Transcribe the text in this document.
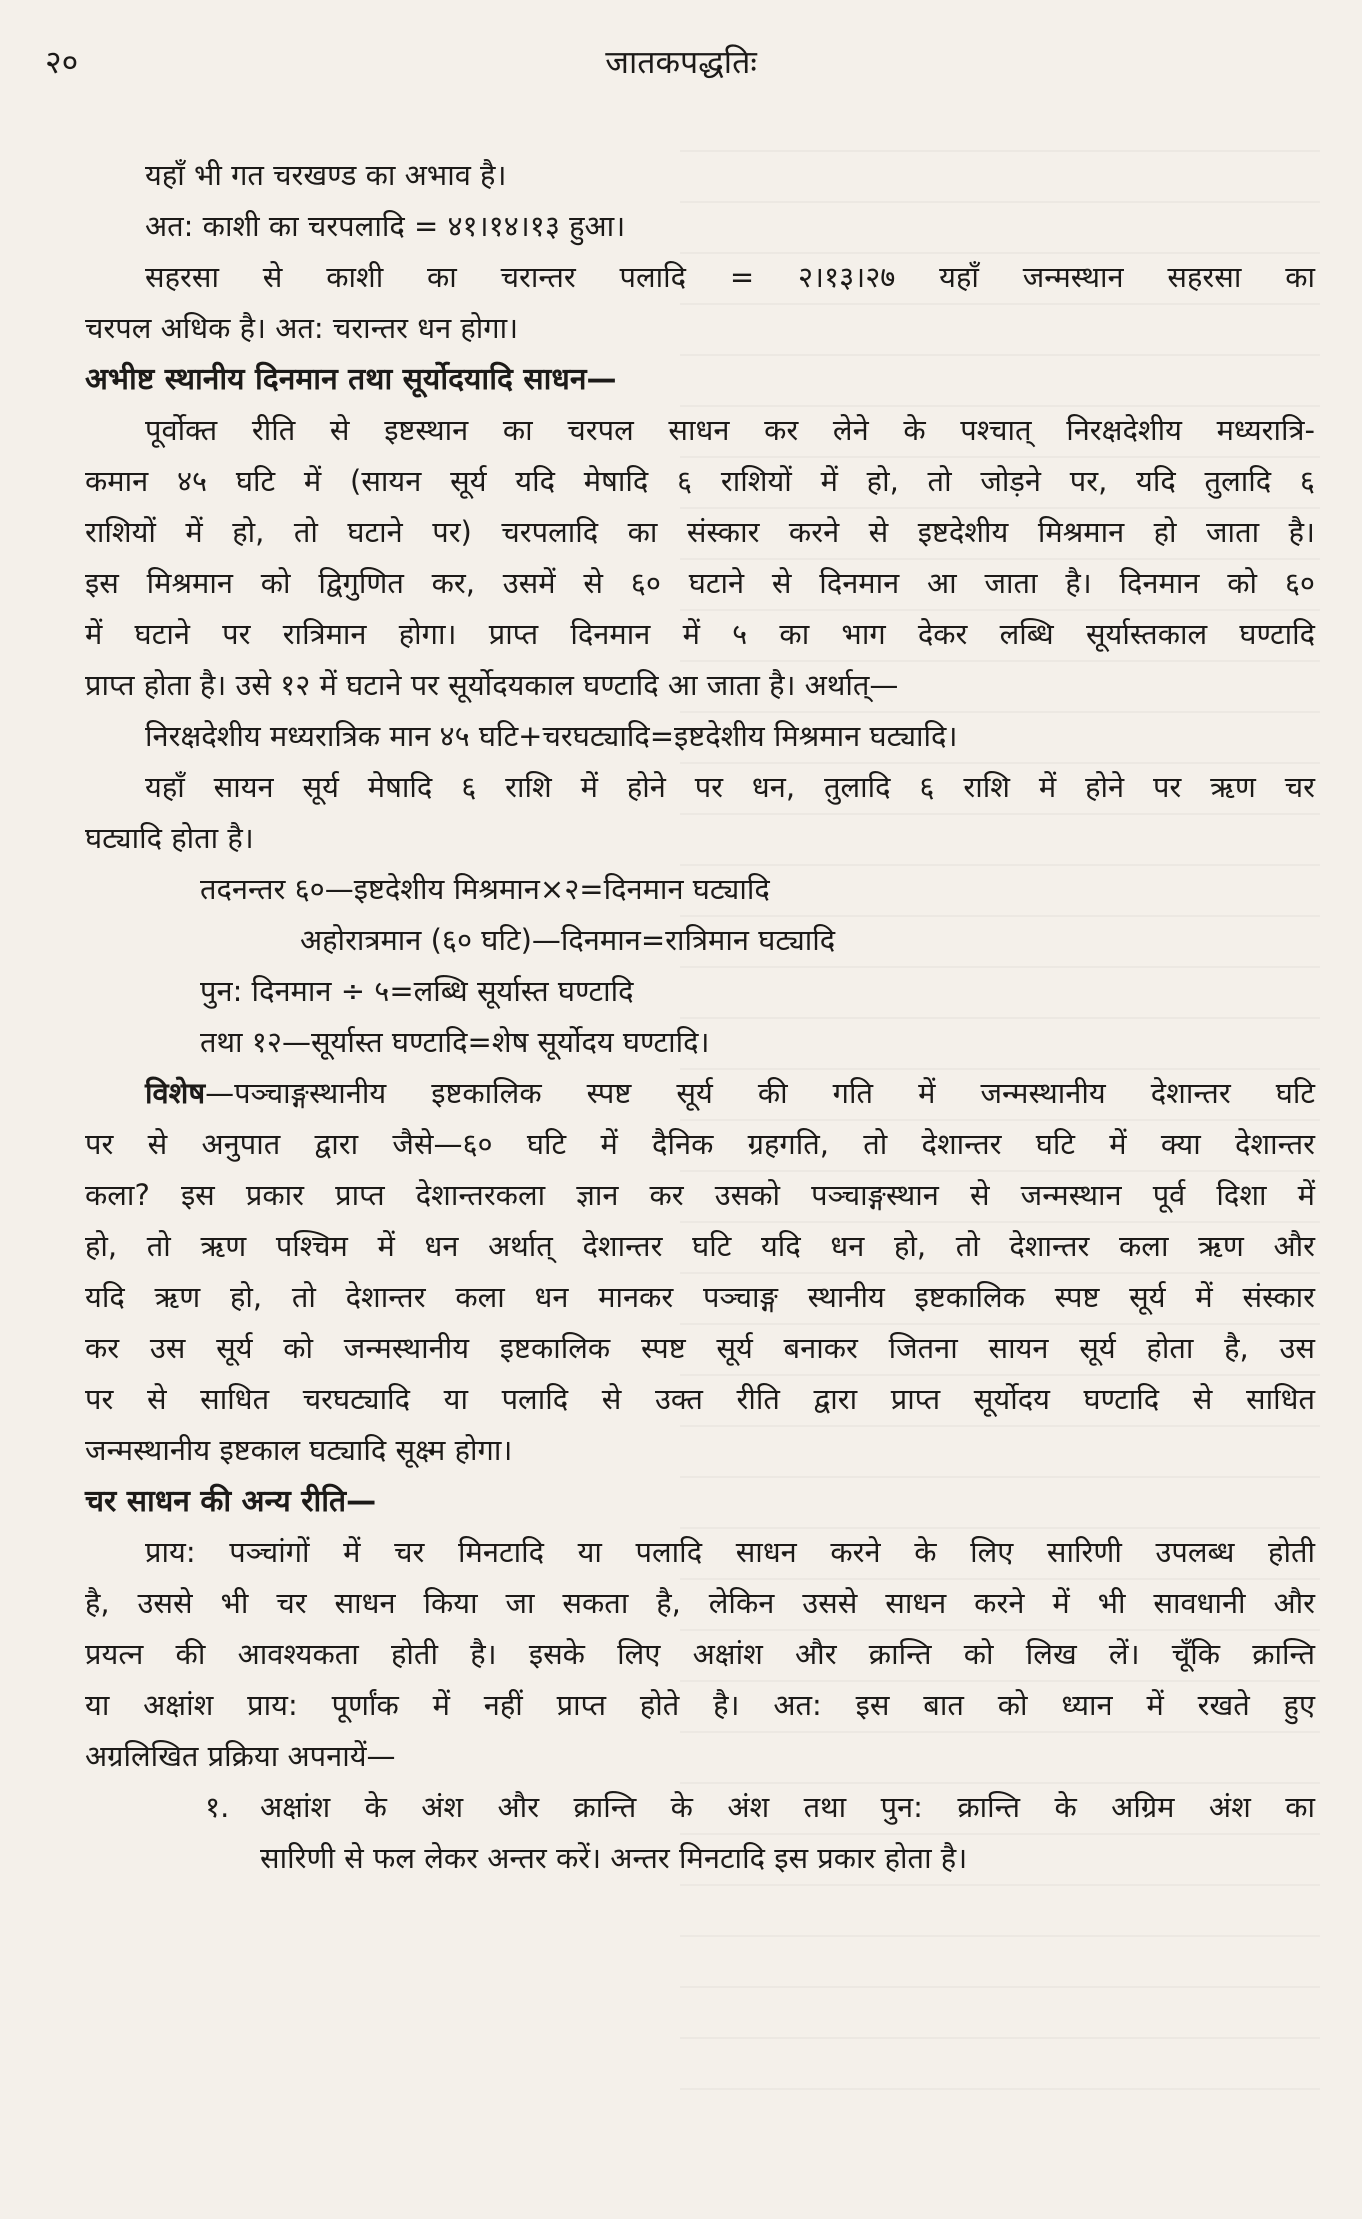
२०	जातकपद्धतिः

यहाँ भी गत चरखण्ड का अभाव है।

अत: काशी का चरपलादि = ४१।१४।१३ हुआ।

सहरसा से काशी का चरान्तर पलादि = २।१३।२७ यहाँ जन्मस्थान सहरसा का

चरपल अधिक है। अत: चरान्तर धन होगा।

अभीष्ट स्थानीय दिनमान तथा सूर्योदयादि साधन—

पूर्वोक्त रीति से इष्टस्थान का चरपल साधन कर लेने के पश्चात् निरक्षदेशीय मध्यरात्रि-

कमान ४५ घटि में (सायन सूर्य यदि मेषादि ६ राशियों में हो, तो जोड़ने पर, यदि तुलादि ६

राशियों में हो, तो घटाने पर) चरपलादि का संस्कार करने से इष्टदेशीय मिश्रमान हो जाता है।

इस मिश्रमान को द्विगुणित कर, उसमें से ६० घटाने से दिनमान आ जाता है। दिनमान को ६०

में घटाने पर रात्रिमान होगा। प्राप्त दिनमान में ५ का भाग देकर लब्धि सूर्यास्तकाल घण्टादि

प्राप्त होता है। उसे १२ में घटाने पर सूर्योदयकाल घण्टादि आ जाता है। अर्थात्—

निरक्षदेशीय मध्यरात्रिक मान ४५ घटि+चरघट्यादि=इष्टदेशीय मिश्रमान घट्यादि।

यहाँ सायन सूर्य मेषादि ६ राशि में होने पर धन, तुलादि ६ राशि में होने पर ऋण चर

घट्यादि होता है।

तदनन्तर ६०—इष्टदेशीय मिश्रमान×२=दिनमान घट्यादि

अहोरात्रमान (६० घटि)—दिनमान=रात्रिमान घट्यादि

पुन: दिनमान ÷ ५=लब्धि सूर्यास्त घण्टादि

तथा १२—सूर्यास्त घण्टादि=शेष सूर्योदय घण्टादि।

विशेष—पञ्चाङ्गस्थानीय इष्टकालिक स्पष्ट सूर्य की गति में जन्मस्थानीय देशान्तर घटि

पर से अनुपात द्वारा जैसे—६० घटि में दैनिक ग्रहगति, तो देशान्तर घटि में क्या देशान्तर

कला? इस प्रकार प्राप्त देशान्तरकला ज्ञान कर उसको पञ्चाङ्गस्थान से जन्मस्थान पूर्व दिशा में

हो, तो ऋण पश्चिम में धन अर्थात् देशान्तर घटि यदि धन हो, तो देशान्तर कला ऋण और

यदि ऋण हो, तो देशान्तर कला धन मानकर पञ्चाङ्ग स्थानीय इष्टकालिक स्पष्ट सूर्य में संस्कार

कर उस सूर्य को जन्मस्थानीय इष्टकालिक स्पष्ट सूर्य बनाकर जितना सायन सूर्य होता है, उस

पर से साधित चरघट्यादि या पलादि से उक्त रीति द्वारा प्राप्त सूर्योदय घण्टादि से साधित

जन्मस्थानीय इष्टकाल घट्यादि सूक्ष्म होगा।

चर साधन की अन्य रीति—

प्राय: पञ्चांगों में चर मिनटादि या पलादि साधन करने के लिए सारिणी उपलब्ध होती

है, उससे भी चर साधन किया जा सकता है, लेकिन उससे साधन करने में भी सावधानी और

प्रयत्न की आवश्यकता होती है। इसके लिए अक्षांश और क्रान्ति को लिख लें। चूँकि क्रान्ति

या अक्षांश प्राय: पूर्णांक में नहीं प्राप्त होते है। अत: इस बात को ध्यान में रखते हुए

अग्रलिखित प्रक्रिया अपनायें—

१. अक्षांश के अंश और क्रान्ति के अंश तथा पुन: क्रान्ति के अग्रिम अंश का

सारिणी से फल लेकर अन्तर करें। अन्तर मिनटादि इस प्रकार होता है।
